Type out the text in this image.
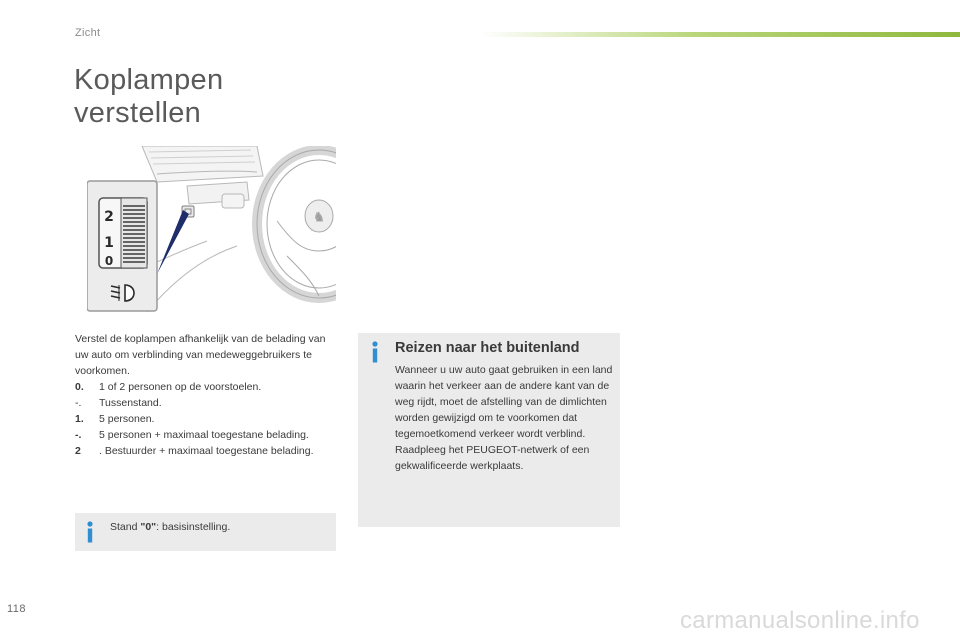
Zicht
Koplampen
verstellen
♞
2
1
0

Verstel de koplampen afhankelijk van de belading van uw auto om verblinding van medeweggebruikers te voorkomen.

0.	1 of 2 personen op de voorstoelen.
-.	Tussenstand.
1.	5 personen.
-.	5 personen + maximaal toegestane belading.
2	. Bestuurder + maximaal toegestane belading.
Stand "0": basisinstelling.
Reizen naar het buitenland

Wanneer u uw auto gaat gebruiken in een land waarin het verkeer aan de andere kant van de weg rijdt, moet de afstelling van de dimlichten worden gewijzigd om te voorkomen dat tegemoetkomend verkeer wordt verblind.

Raadpleeg het PEUGEOT-netwerk of een gekwalificeerde werkplaats.

118	carmanualsonline.info
